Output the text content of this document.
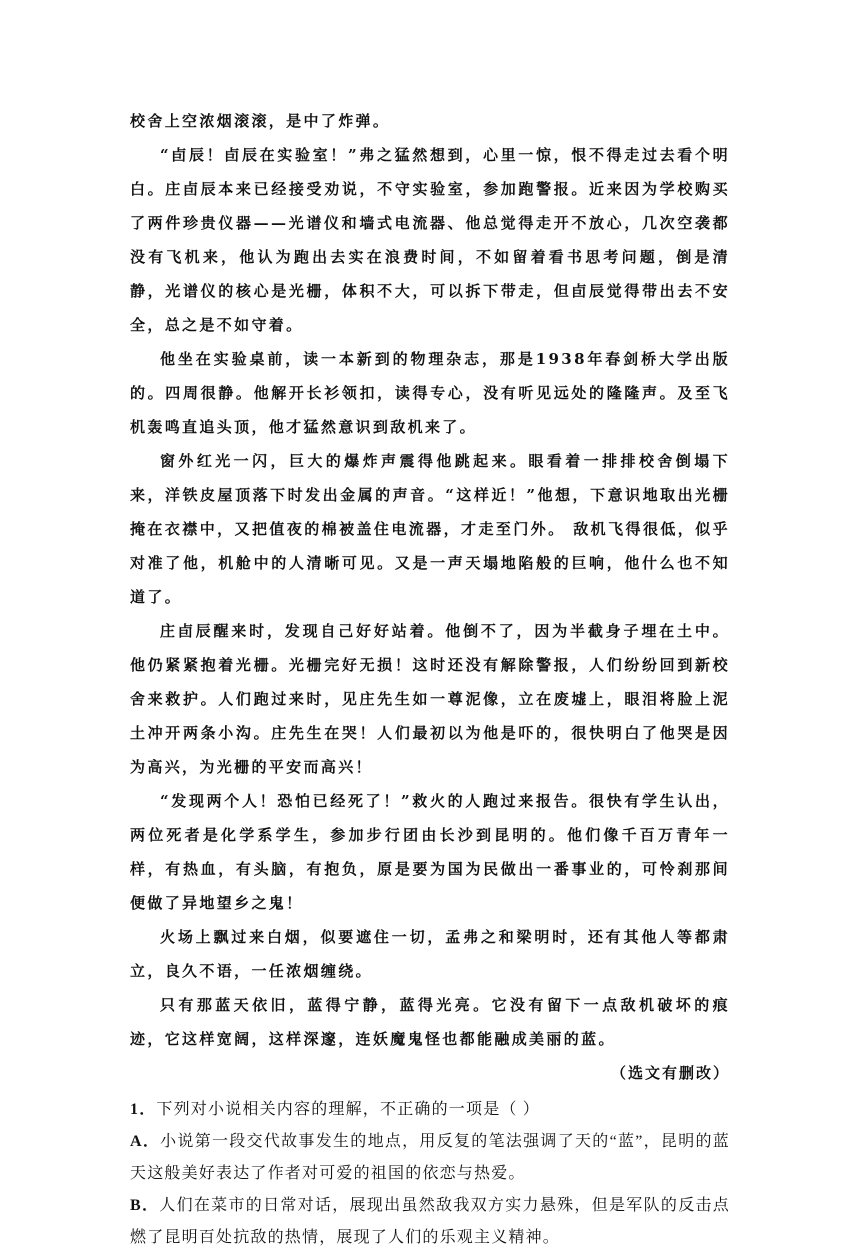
校舍上空浓烟滚滚，是中了炸弹。

“卣辰！卣辰在实验室！”弗之猛然想到，心里一惊，恨不得走过去看个明白。庄卣辰本来已经接受劝说，不守实验室，参加跑警报。近来因为学校购买了两件珍贵仪器——光谱仪和墙式电流器、他总觉得走开不放心，几次空袭都没有飞机来，他认为跑出去实在浪费时间，不如留着看书思考问题，倒是清静，光谱仪的核心是光栅，体积不大，可以拆下带走，但卣辰觉得带出去不安全，总之是不如守着。

他坐在实验桌前，读一本新到的物理杂志，那是1938年春剑桥大学出版的。四周很静。他解开长衫领扣，读得专心，没有听见远处的隆隆声。及至飞机轰鸣直追头顶，他才猛然意识到敌机来了。

窗外红光一闪，巨大的爆炸声震得他跳起来。眼看着一排排校舍倒塌下来，洋铁皮屋顶落下时发出金属的声音。“这样近！”他想，下意识地取出光栅掩在衣襟中，又把值夜的棉被盖住电流器，才走至门外。 敌机飞得很低，似乎对准了他，机舱中的人清晰可见。又是一声天塌地陷般的巨响，他什么也不知道了。

庄卣辰醒来时，发现自己好好站着。他倒不了，因为半截身子埋在土中。他仍紧紧抱着光栅。光栅完好无损！这时还没有解除警报，人们纷纷回到新校舍来救护。人们跑过来时，见庄先生如一尊泥像，立在废墟上，眼泪将脸上泥土冲开两条小沟。庄先生在哭！人们最初以为他是吓的，很快明白了他哭是因为高兴，为光栅的平安而高兴！

“发现两个人！恐怕已经死了！”救火的人跑过来报告。很快有学生认出，两位死者是化学系学生，参加步行团由长沙到昆明的。他们像千百万青年一样，有热血，有头脑，有抱负，原是要为国为民做出一番事业的，可怜刹那间便做了异地望乡之鬼！

火场上飘过来白烟，似要遮住一切，孟弗之和梁明时，还有其他人等都肃立，良久不语，一任浓烟缠绕。

只有那蓝天依旧，蓝得宁静，蓝得光亮。它没有留下一点敌机破坏的痕迹，它这样宽阔，这样深邃，连妖魔鬼怪也都能融成美丽的蓝。

（选文有删改）

1．下列对小说相关内容的理解，不正确的一项是（ ）

A．小说第一段交代故事发生的地点，用反复的笔法强调了天的“蓝”，昆明的蓝天这般美好表达了作者对可爱的祖国的依恋与热爱。

B．人们在菜市的日常对话，展现出虽然敌我双方实力悬殊，但是军队的反击点燃了昆明百处抗敌的热情，展现了人们的乐观主义精神。
